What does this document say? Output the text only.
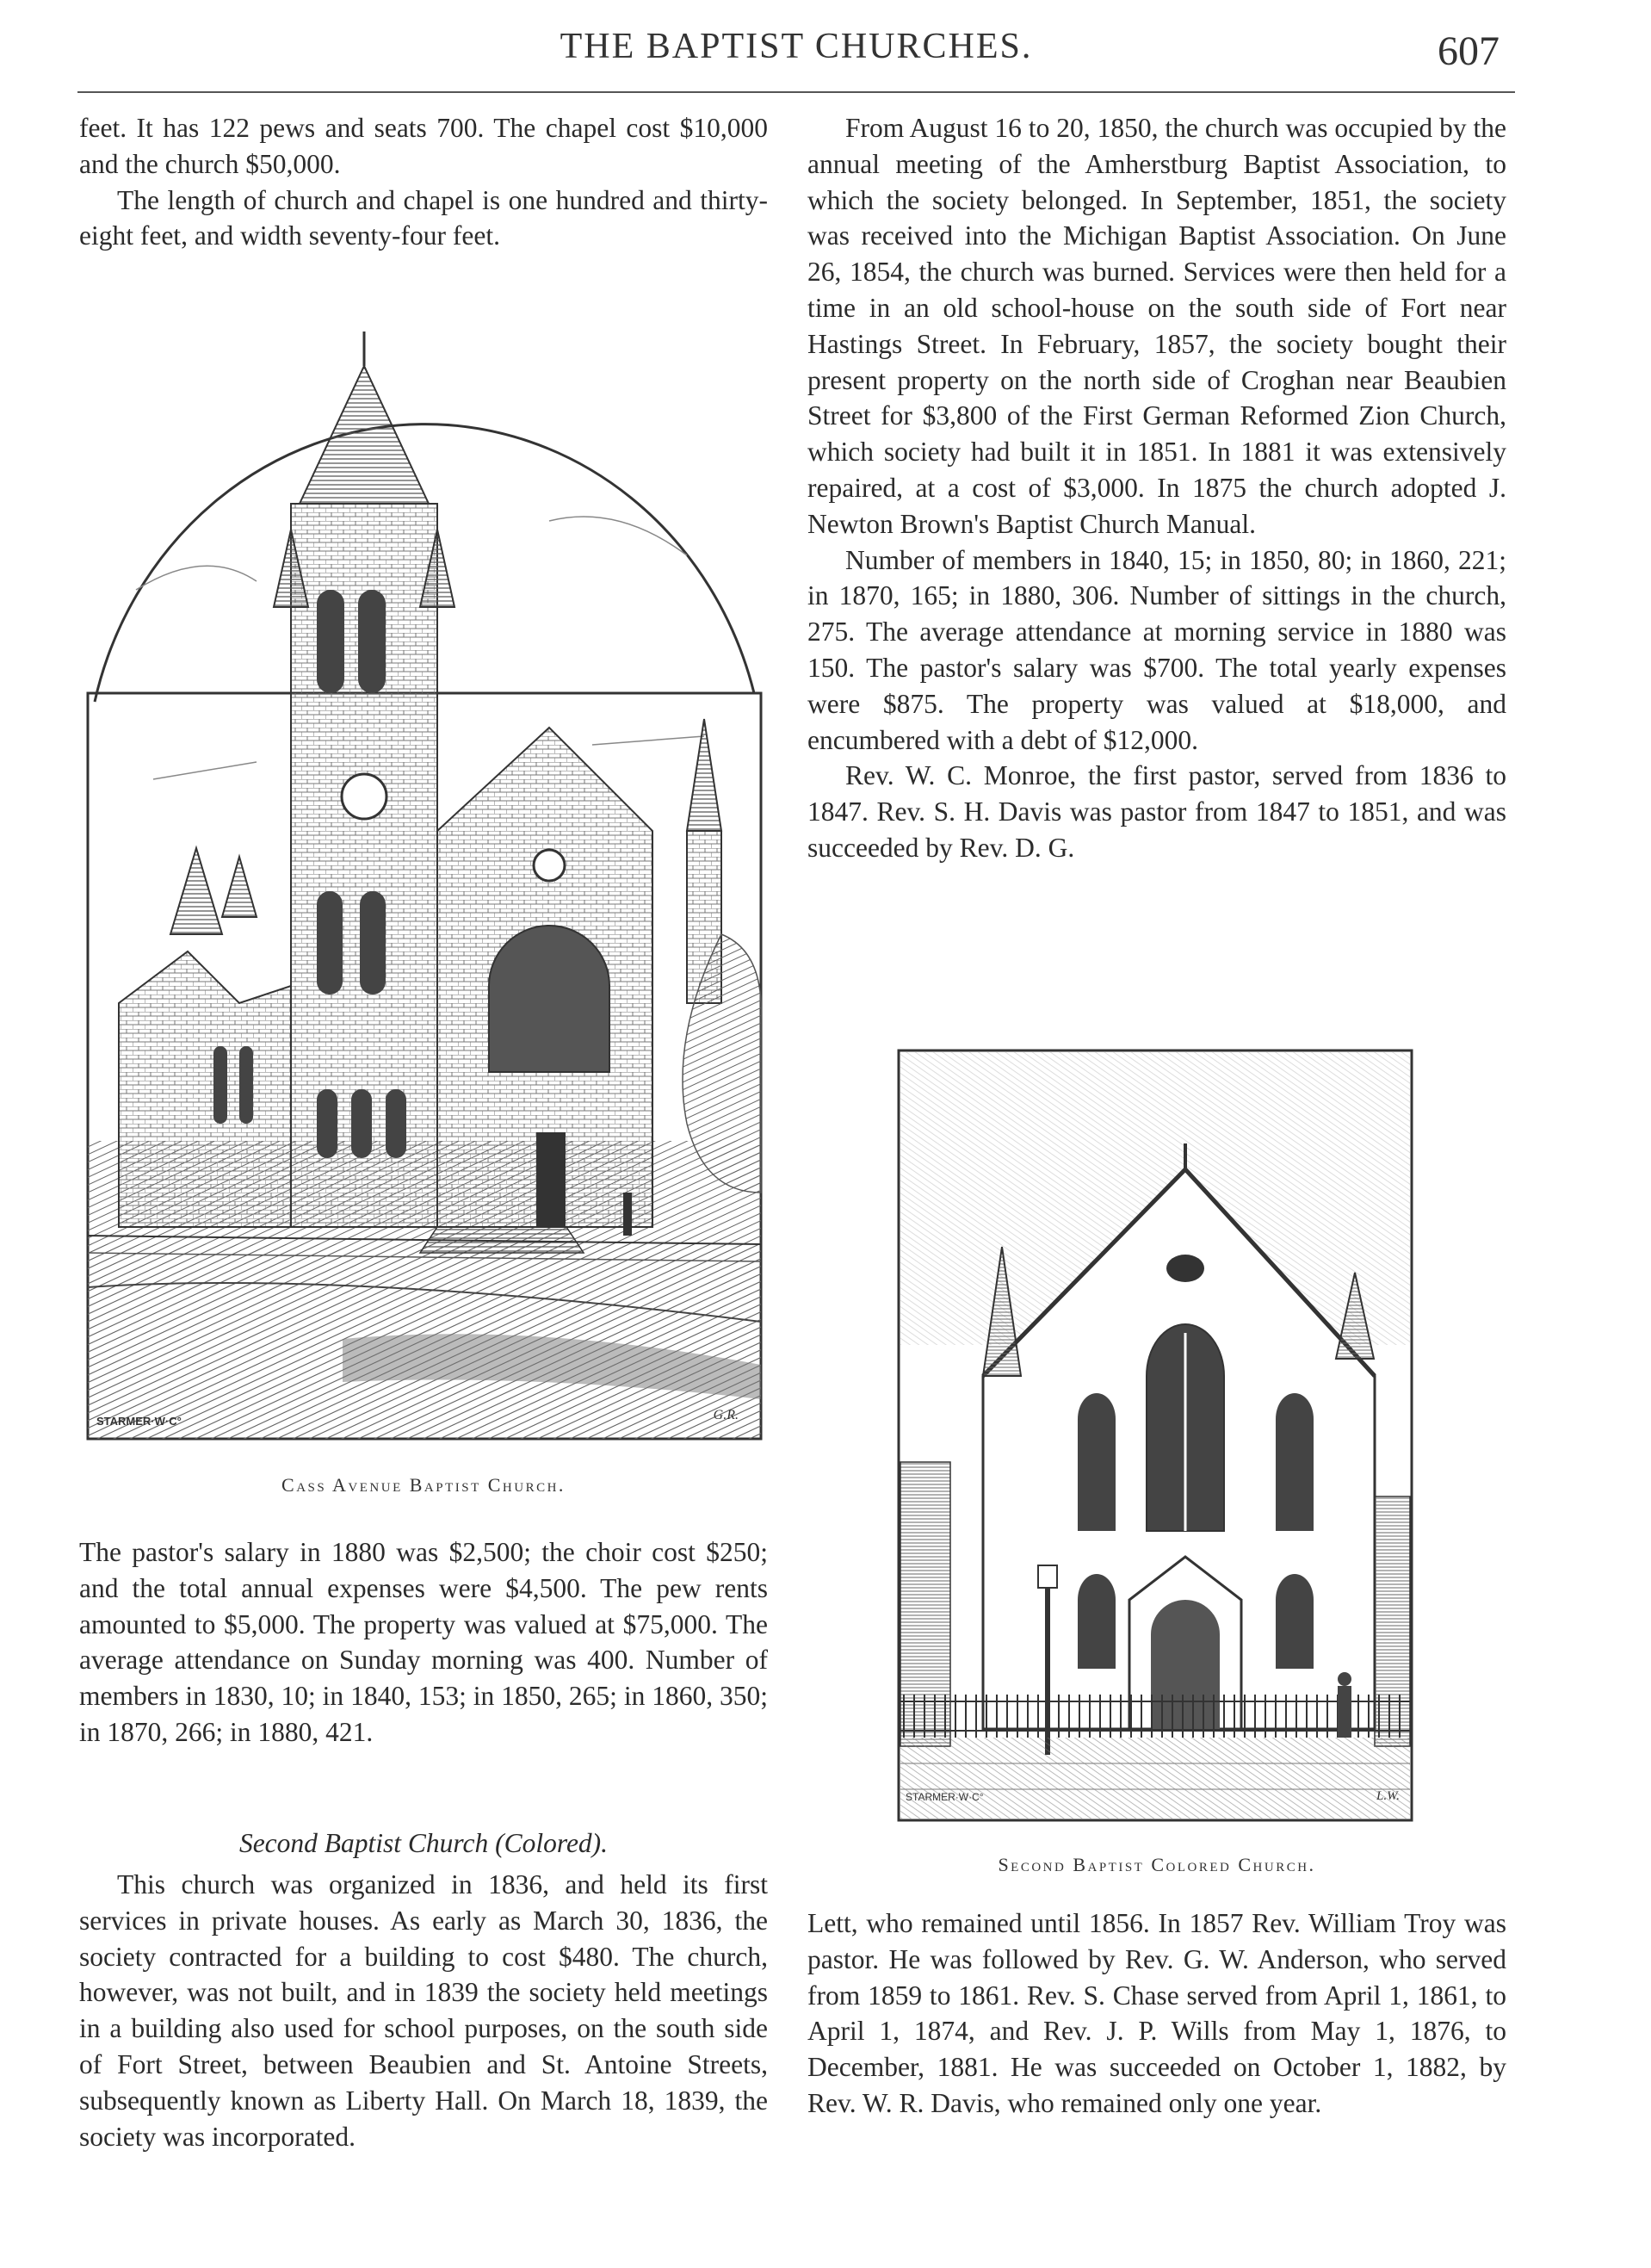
THE BAPTIST CHURCHES.	607

feet. It has 122 pews and seats 700. The chapel cost $10,000 and the church $50,000.

The length of church and chapel is one hundred and thirty-eight feet, and width seventy-four feet.

STARMER·W·C°	G.R.
Cass Avenue Baptist Church.

The pastor's salary in 1880 was $2,500; the choir cost $250; and the total annual expenses were $4,500. The pew rents amounted to $5,000. The property was valued at $75,000. The average attendance on Sunday morning was 400. Number of members in 1830, 10; in 1840, 153; in 1850, 265; in 1860, 350; in 1870, 266; in 1880, 421.

Second Baptist Church (Colored).

This church was organized in 1836, and held its first services in private houses. As early as March 30, 1836, the society contracted for a building to cost $480. The church, however, was not built, and in 1839 the society held meetings in a building also used for school purposes, on the south side of Fort Street, between Beaubien and St. Antoine Streets, subsequently known as Liberty Hall. On March 18, 1839, the society was incorporated.

From August 16 to 20, 1850, the church was occupied by the annual meeting of the Amherstburg Baptist Association, to which the society belonged. In September, 1851, the society was received into the Michigan Baptist Association. On June 26, 1854, the church was burned. Services were then held for a time in an old school-house on the south side of Fort near Hastings Street. In February, 1857, the society bought their present property on the north side of Croghan near Beaubien Street for $3,800 of the First German Reformed Zion Church, which society had built it in 1851. In 1881 it was extensively repaired, at a cost of $3,000. In 1875 the church adopted J. Newton Brown's Baptist Church Manual.

Number of members in 1840, 15; in 1850, 80; in 1860, 221; in 1870, 165; in 1880, 306. Number of sittings in the church, 275. The average attendance at morning service in 1880 was 150. The pastor's salary was $700. The total yearly expenses were $875. The property was valued at $18,000, and encumbered with a debt of $12,000.

Rev. W. C. Monroe, the first pastor, served from 1836 to 1847. Rev. S. H. Davis was pastor from 1847 to 1851, and was succeeded by Rev. D. G.

STARMER·W·C°	L.W.
Second Baptist Colored Church.

Lett, who remained until 1856. In 1857 Rev. William Troy was pastor. He was followed by Rev. G. W. Anderson, who served from 1859 to 1861. Rev. S. Chase served from April 1, 1861, to April 1, 1874, and Rev. J. P. Wills from May 1, 1876, to December, 1881. He was succeeded on October 1, 1882, by Rev. W. R. Davis, who remained only one year.
